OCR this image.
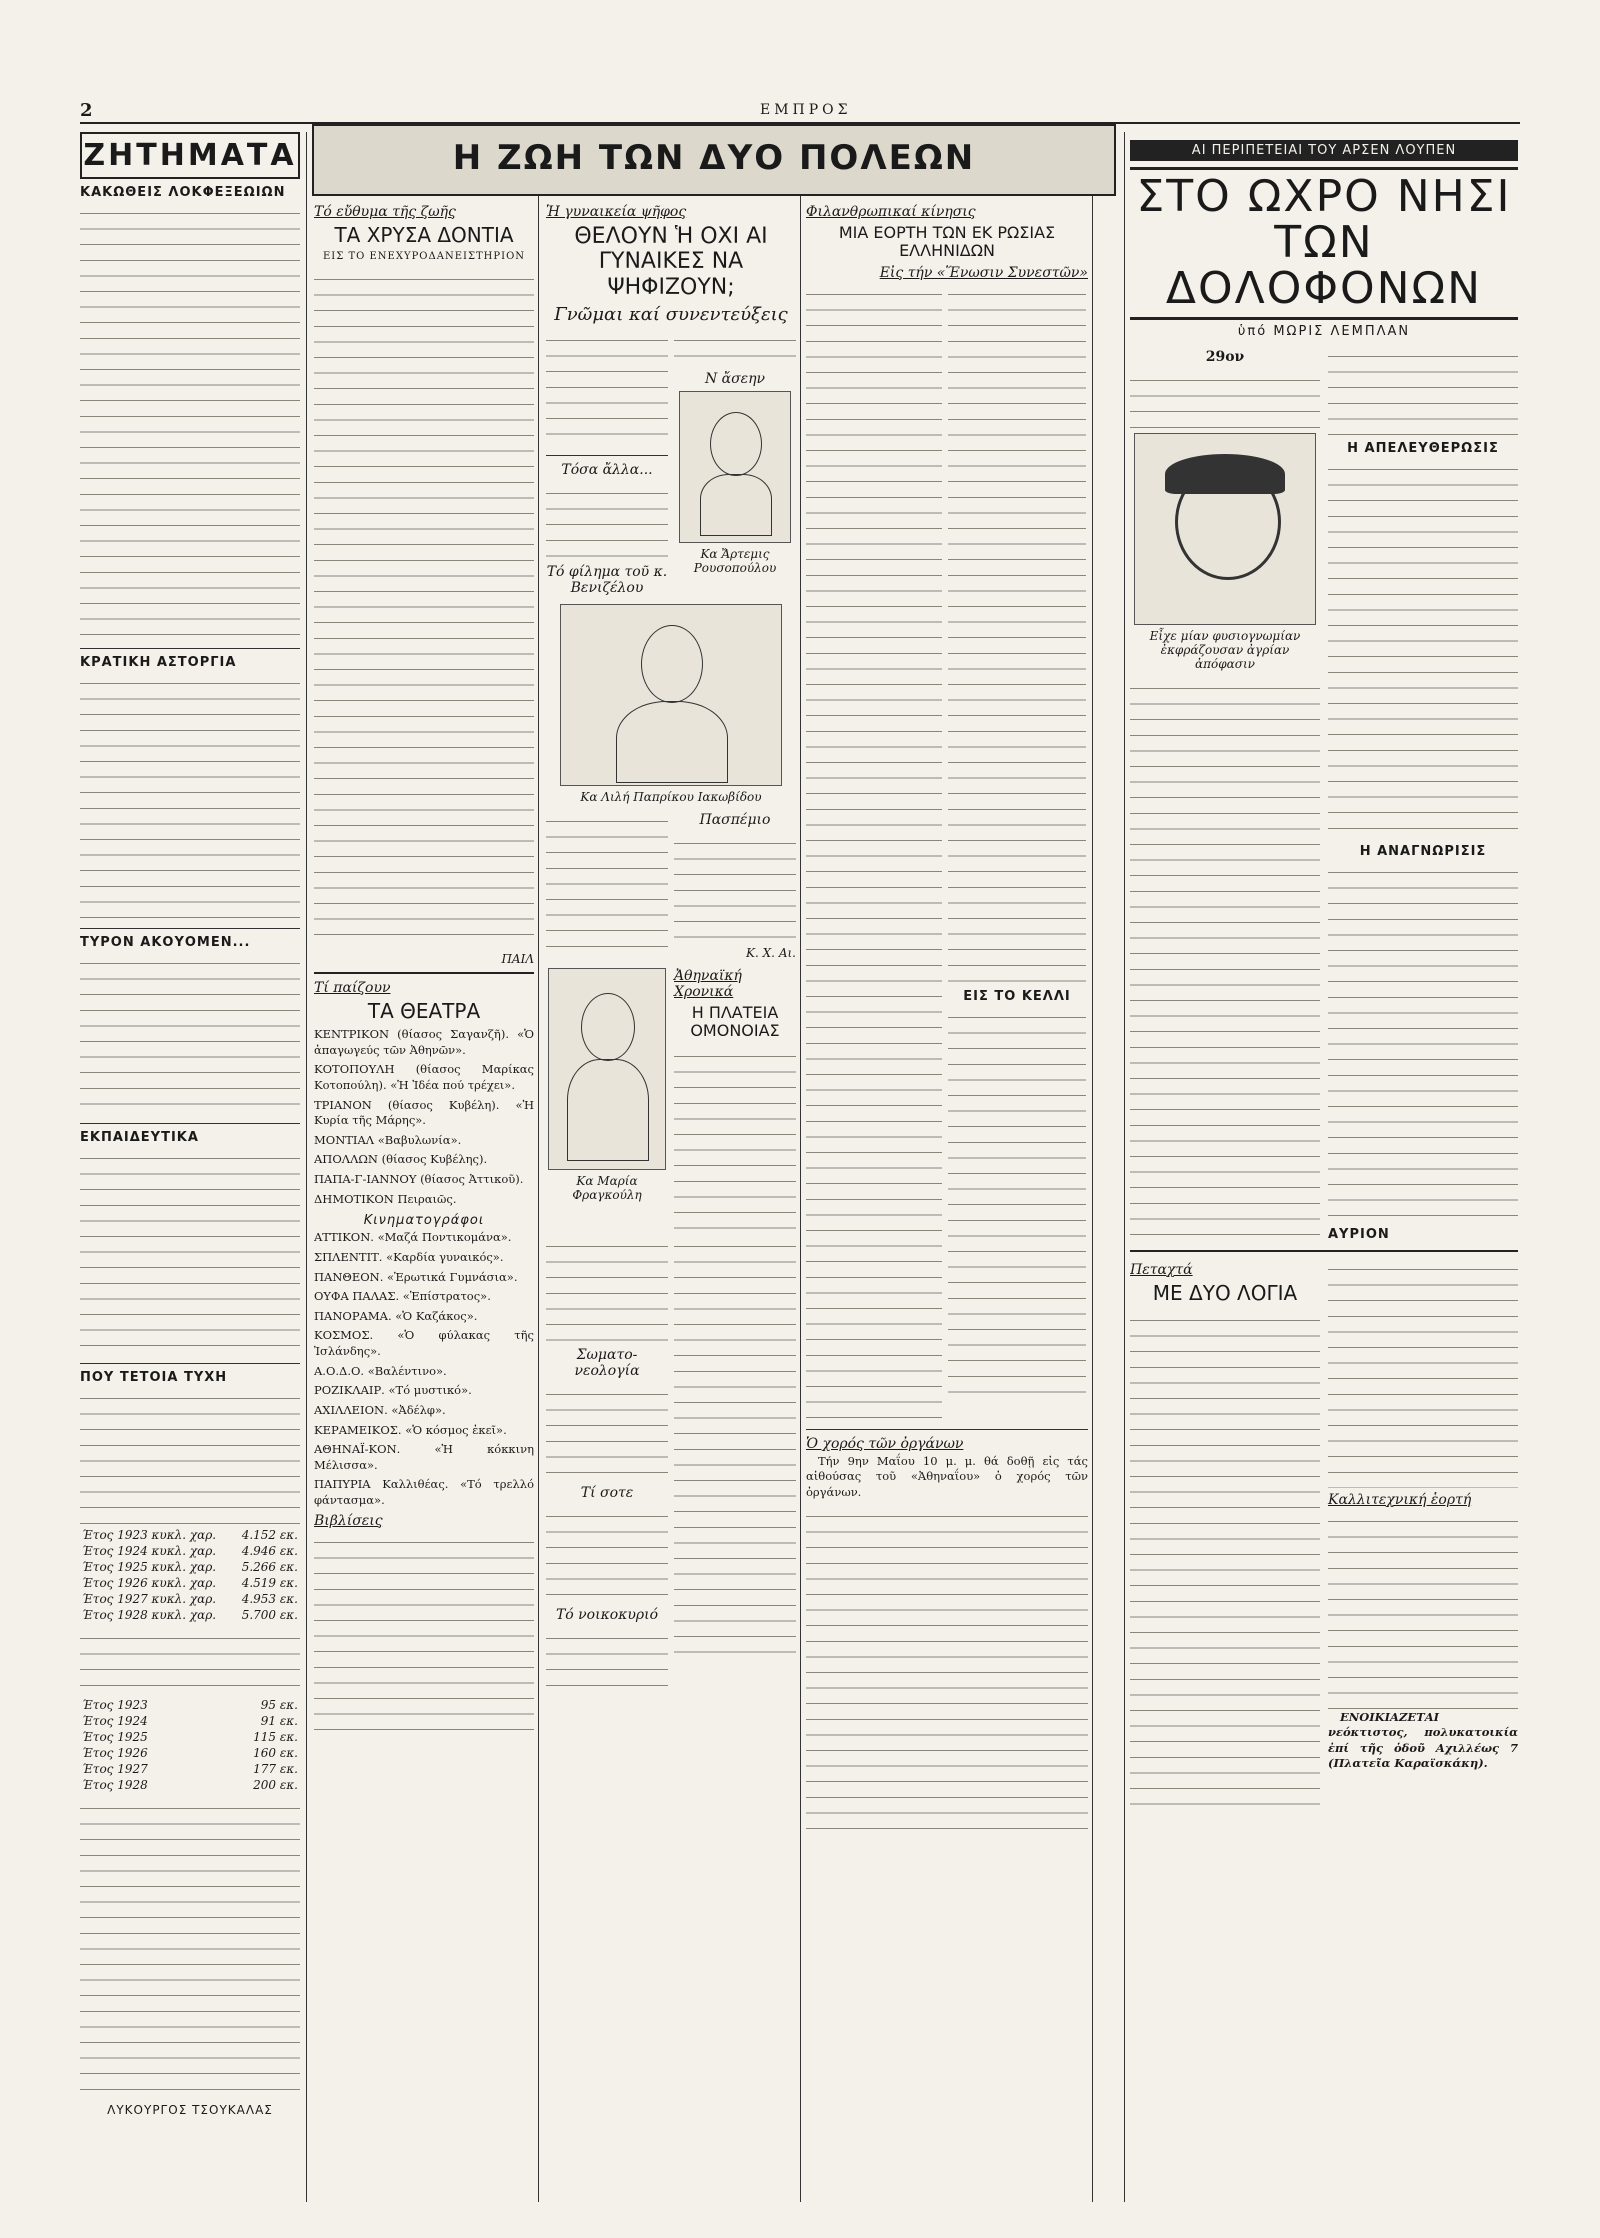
2	ΕΜΠΡΟΣ
ΖΗΤΗΜΑΤΑ
ΚΑΚΩΘΕΙΣ ΛΟΚΦΕΞΕΩΙΩΝ
ΚΡΑΤΙΚΗ ΑΣΤΟΡΓΙΑ
ΤΥΡΟΝ ΑΚΟΥΟΜΕΝ...
ΕΚΠΑΙΔΕΥΤΙΚΑ
ΠΟΥ ΤΕΤΟΙΑ ΤΥΧΗ
Έτος 1923 κυκλ. χαρ.	4.152 εκ.
Έτος 1924 κυκλ. χαρ.	4.946 εκ.
Έτος 1925 κυκλ. χαρ.	5.266 εκ.
Έτος 1926 κυκλ. χαρ.	4.519 εκ.
Έτος 1927 κυκλ. χαρ.	4.953 εκ.
Έτος 1928 κυκλ. χαρ.	5.700 εκ.
Έτος 1923	95 εκ.
Έτος 1924	91 εκ.
Έτος 1925	115 εκ.
Έτος 1926	160 εκ.
Έτος 1927	177 εκ.
Έτος 1928	200 εκ.
ΛΥΚΟΥΡΓΟΣ ΤΣΟΥΚΑΛΑΣ
Η ΖΩΗ ΤΩΝ ΔΥΟ ΠΟΛΕΩΝ
Τό εὔθυμα τῆς ζωῆς
ΤΑ ΧΡΥΣΑ ΔΟΝΤΙΑ
ΕΙΣ ΤΟ ΕΝΕΧΥΡΟΔΑΝΕΙΣΤΗΡΙΟΝ
ΠΑΙΛ
Τί παίζουν
ΤΑ ΘΕΑΤΡΑ

ΚΕΝΤΡΙΚΟΝ (θίασος Σαγανζῆ). «Ὁ ἀπαγωγεύς τῶν Ἀθηνῶν».

ΚΟΤΟΠΟΥΛΗ (θίασος Μαρίκας Κοτοπούλη). «Ἡ Ἰδέα πού τρέχει».

ΤΡΙΑΝΟΝ (θίασος Κυβέλη). «Ἡ Κυρία τῆς Μάρης».

ΜΟΝΤΙΑΛ «Βαβυλωνία».

ΑΠΟΛΛΩΝ (θίασος Κυβέλης).

ΠΑΠΑ-Γ-ΙΑΝΝΟΥ (θίασος Ἀττικοῦ).

ΔΗΜΟΤΙΚΟΝ Πειραιῶς.

Κινηματογράφοι

ΑΤΤΙΚΟΝ. «Μαζά Ποντικομάνα».

ΣΠΛΕΝΤΙΤ. «Καρδία γυναικός».

ΠΑΝΘΕΟΝ. «Ἐρωτικά Γυμνάσια».

ΟΥΦΑ ΠΑΛΑΣ. «Ἐπίστρατος».

ΠΑΝΟΡΑΜΑ. «Ὁ Καζάκος».

ΚΟΣΜΟΣ. «Ὁ φύλακας τῆς Ἰσλάνδης».

Α.Ο.Δ.Ο. «Βαλέντινο».

ΡΟΖΙΚΛΑΙΡ. «Τό μυστικό».

ΑΧΙΛΛΕΙΟΝ. «Ἀδέλφ».

ΚΕΡΑΜΕΙΚΟΣ. «Ὁ κόσμος ἐκεῖ».

ΑΘΗΝΑΪ-ΚΟΝ. «Ἡ κόκκινη Μέλισσα».

ΠΑΠΥΡΙΑ Καλλιθέας. «Τό τρελλό φάντασμα».

Βιβλίσεις
Ἡ γυναικεία ψῆφος
ΘΕΛΟΥΝ Ἡ ΟΧΙ ΑΙ ΓΥΝΑΙΚΕΣ ΝΑ ΨΗΦΙΖΟΥΝ;
Γνῶμαι καί συνεντεύξεις
Τόσα ἄλλα...
Τό φίλημα τοῦ κ. Βενιζέλου
Ν ἄσεην
Κα Ἄρτεμις Ρουσοπούλου
Κα Λιλή Παπρίκου Ιακωβίδου
Πασπέμιο
Κ. Χ. Αι.
Κα Μαρία Φραγκούλη
Ἀθηναϊκή Χρονικά
Η ΠΛΑΤΕΙΑ ΟΜΟΝΟΙΑΣ
Σωματο-νεολογία
Τί σοτε
Τό νοικοκυριό
Φιλανθρωπικαί κίνησις
ΜΙΑ ΕΟΡΤΗ ΤΩΝ ΕΚ ΡΩΣΙΑΣ ΕΛΛΗΝΙΔΩΝ
Εἰς τήν «Ἕνωσιν Συνεστῶν»
ΕΙΣ ΤΟ ΚΕΛΛΙ
Ὁ χορός τῶν ὀργάνων
Τήν 9ην Μαΐου 10 μ. μ. θά δοθῇ εἰς τάς αἰθούσας τοῦ «Ἀθηναΐου» ὁ χορός τῶν ὀργάνων.
ΑΙ ΠΕΡΙΠΕΤΕΙΑΙ ΤΟΥ ΑΡΣΕΝ ΛΟΥΠΕΝ
ΣΤΟ ΩΧΡΟ ΝΗΣΙ ΤΩΝ ΔΟΛΟΦΟΝΩΝ
ὑπό ΜΩΡΙΣ ΛΕΜΠΛΑΝ
29ον
Εἶχε μίαν φυσιογνωμίαν ἐκφράζουσαν ἀγρίαν ἀπόφασιν
Η ΑΠΕΛΕΥΘΕΡΩΣΙΣ
Η ΑΝΑΓΝΩΡΙΣΙΣ
ΑΥΡΙΟΝ
Πεταχτά
ΜΕ ΔΥΟ ΛΟΓΙΑ
Καλλιτεχνική ἑορτή
ΕΝΟΙΚΙΑΖΕΤΑΙ νεόκτιστος, πολυκατοικία ἐπί τῆς ὁδοῦ Αχιλλέως 7 (Πλατεῖα Καραϊσκάκη).
